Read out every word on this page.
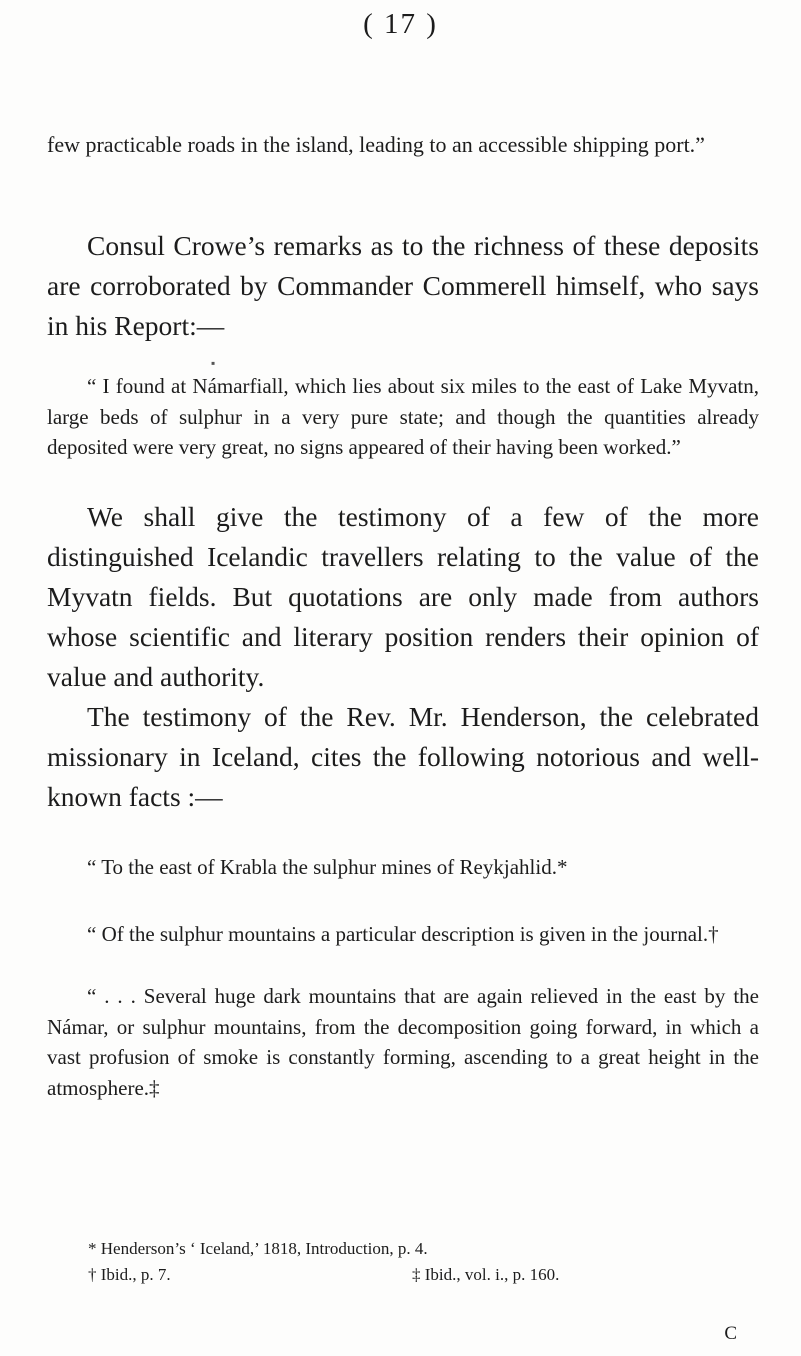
( 17 )
few practicable roads in the island, leading to an accessible shipping port.”
Consul Crowe’s remarks as to the richness of these deposits are corroborated by Commander Commerell himself, who says in his Report:—
▪
“ I found at Námarfiall, which lies about six miles to the east of Lake Myvatn, large beds of sulphur in a very pure state; and though the quantities already deposited were very great, no signs appeared of their having been worked.”
We shall give the testimony of a few of the more distinguished Icelandic travellers relating to the value of the Myvatn fields. But quotations are only made from authors whose scientific and literary position renders their opinion of value and authority.
The testimony of the Rev. Mr. Henderson, the celebrated missionary in Iceland, cites the following notorious and well-known facts :—
“ To the east of Krabla the sulphur mines of Reykjahlid.*
“ Of the sulphur mountains a particular description is given in the journal.†
“ . . . Several huge dark mountains that are again relieved in the east by the Námar, or sulphur mountains, from the decomposition going forward, in which a vast profusion of smoke is constantly forming, ascending to a great height in the atmosphere.‡
* Henderson’s ‘ Iceland,’ 1818, Introduction, p. 4.
† Ibid., p. 7.	‡ Ibid., vol. i., p. 160.
C
